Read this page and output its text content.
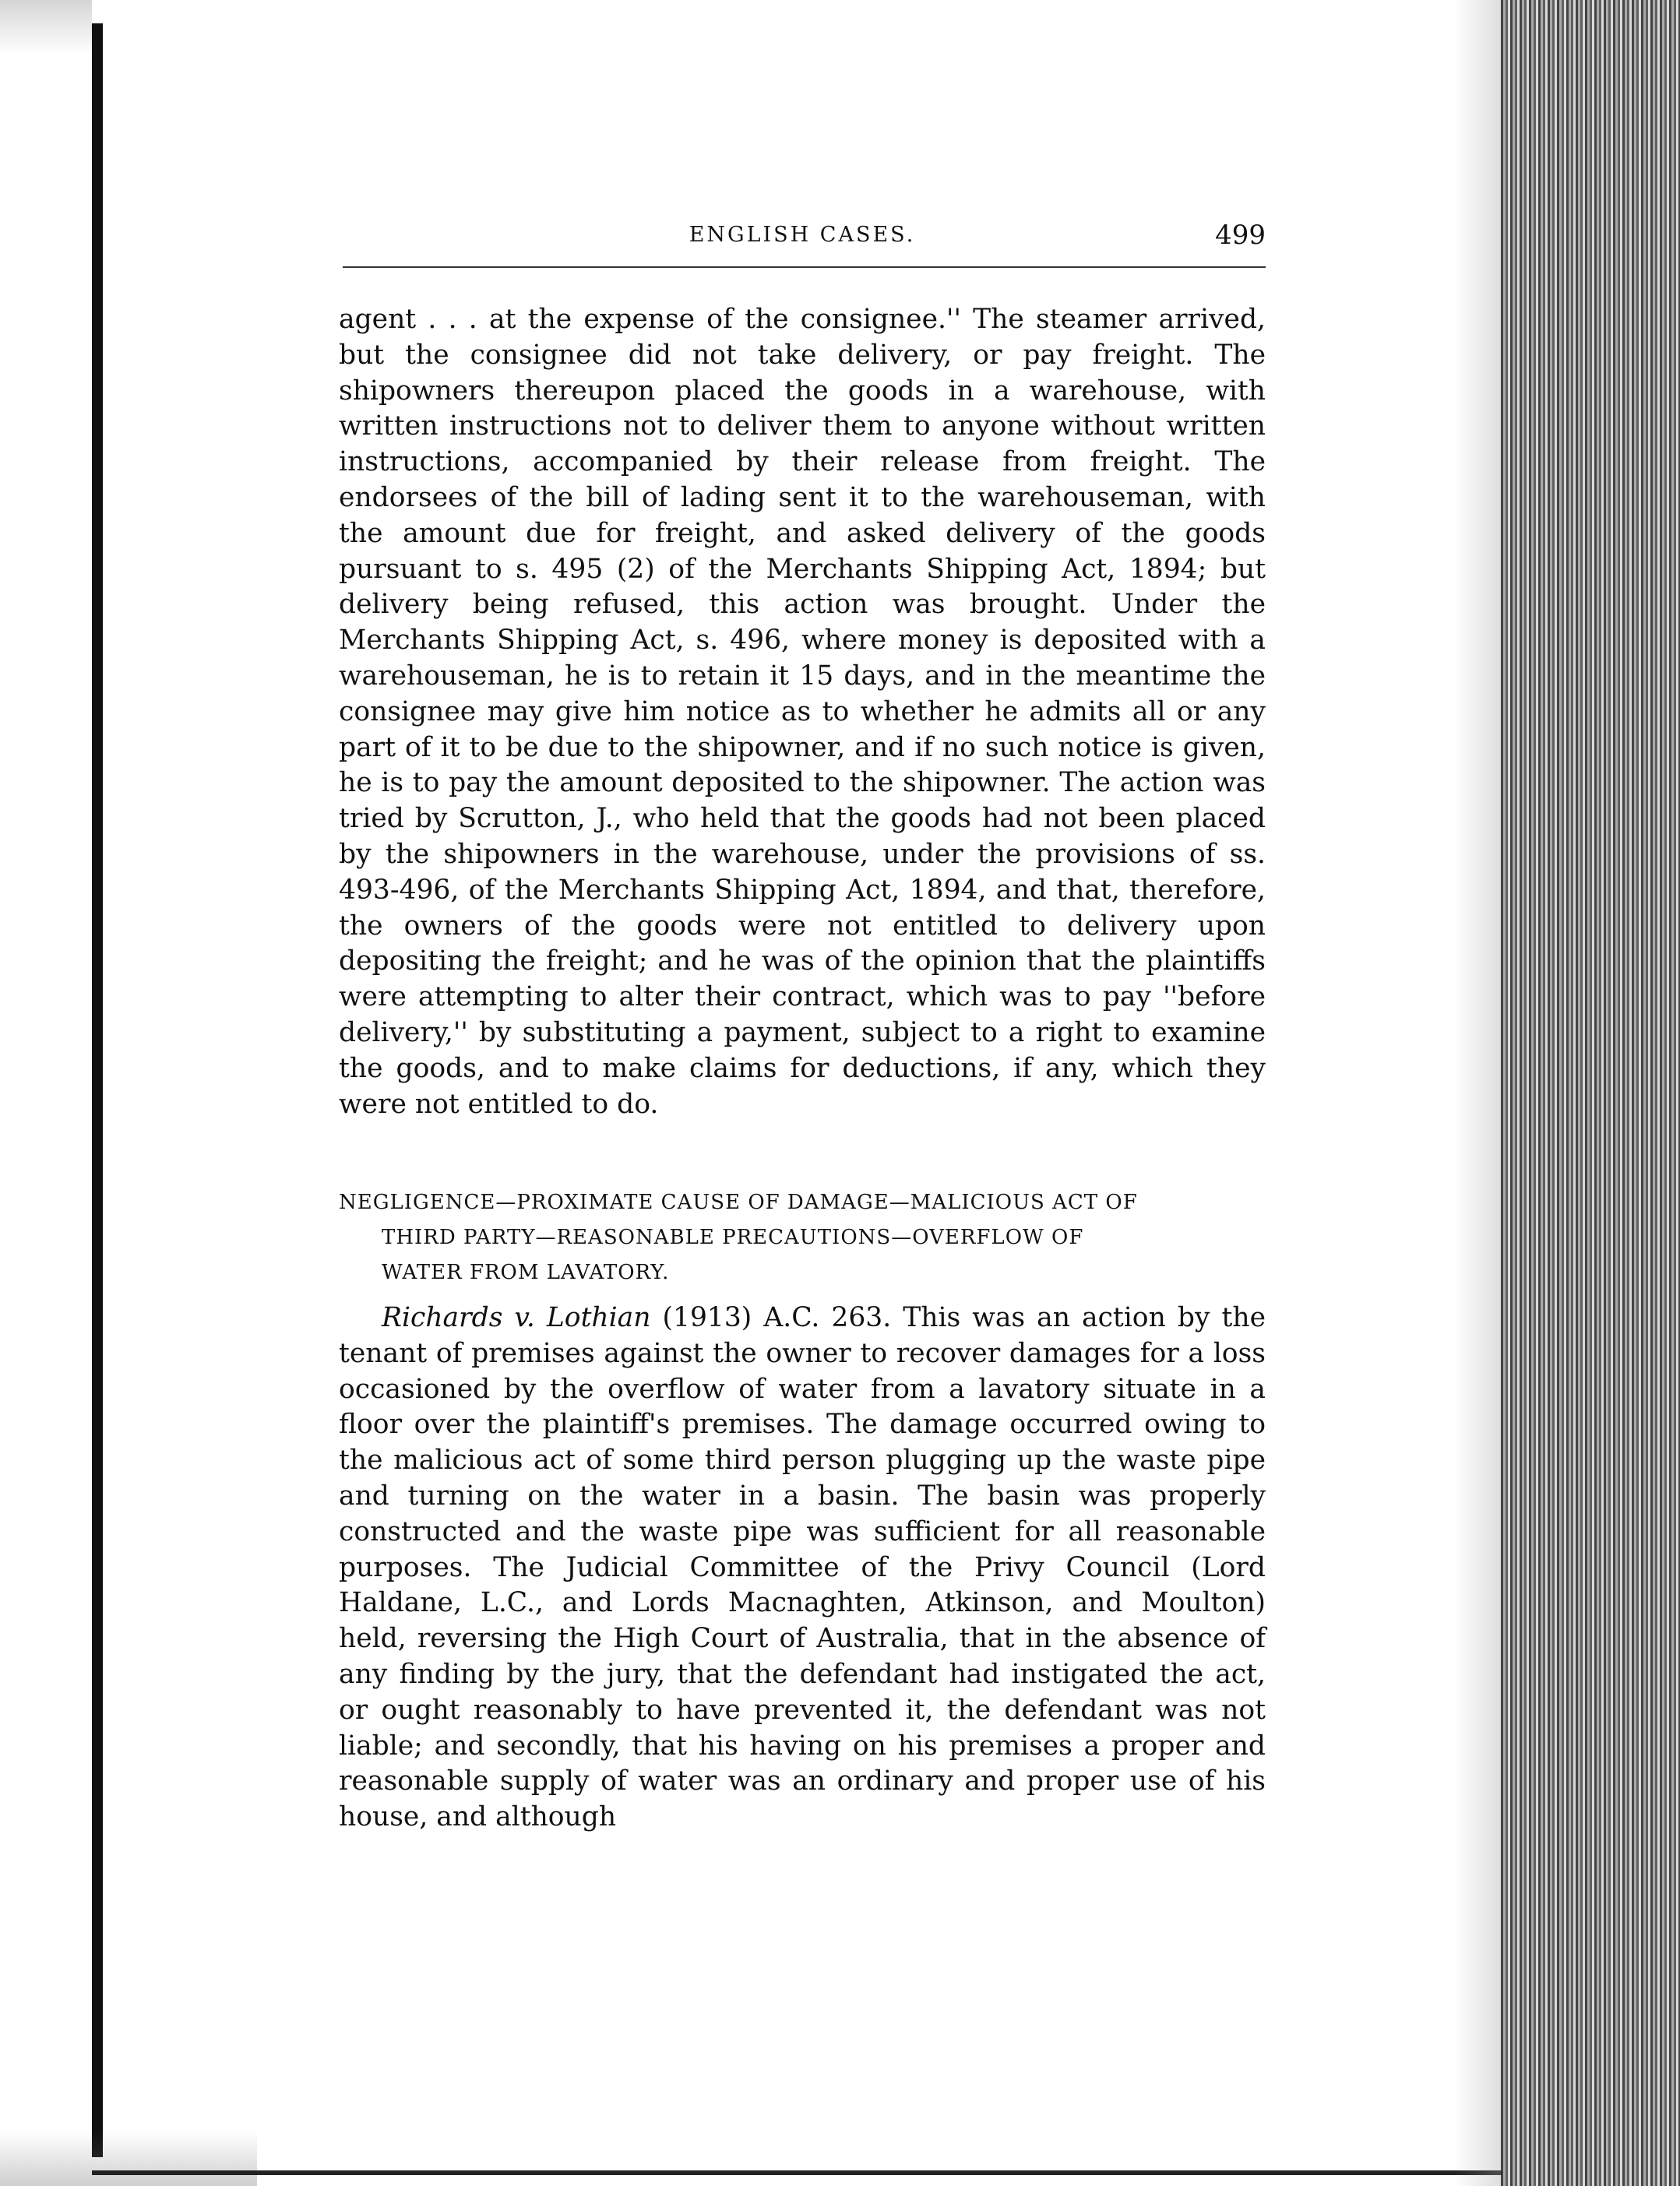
ENGLISH CASES.	499

agent . . . at the expense of the consignee.'' The steamer arrived, but the consignee did not take delivery, or pay freight. The shipowners thereupon placed the goods in a warehouse, with written instructions not to deliver them to anyone without written instructions, accompanied by their release from freight. The endorsees of the bill of lading sent it to the warehouseman, with the amount due for freight, and asked delivery of the goods pursuant to s. 495 (2) of the Merchants Shipping Act, 1894; but delivery being refused, this action was brought. Under the Merchants Shipping Act, s. 496, where money is deposited with a warehouseman, he is to retain it 15 days, and in the meantime the consignee may give him notice as to whether he admits all or any part of it to be due to the shipowner, and if no such notice is given, he is to pay the amount deposited to the shipowner. The action was tried by Scrutton, J., who held that the goods had not been placed by the shipowners in the warehouse, under the provisions of ss. 493-496, of the Merchants Shipping Act, 1894, and that, therefore, the owners of the goods were not entitled to delivery upon depositing the freight; and he was of the opinion that the plaintiffs were attempting to alter their contract, which was to pay ''before delivery,'' by substituting a payment, subject to a right to examine the goods, and to make claims for deductions, if any, which they were not entitled to do.

NEGLIGENCE—PROXIMATE CAUSE OF DAMAGE—MALICIOUS ACT OF
THIRD PARTY—REASONABLE PRECAUTIONS—OVERFLOW OF
WATER FROM LAVATORY.

Richards v. Lothian (1913) A.C. 263. This was an action by the tenant of premises against the owner to recover damages for a loss occasioned by the overflow of water from a lavatory situate in a floor over the plaintiff's premises. The damage occurred owing to the malicious act of some third person plugging up the waste pipe and turning on the water in a basin. The basin was properly constructed and the waste pipe was sufficient for all reasonable purposes. The Judicial Committee of the Privy Council (Lord Haldane, L.C., and Lords Macnaghten, Atkinson, and Moulton) held, reversing the High Court of Australia, that in the absence of any finding by the jury, that the defendant had instigated the act, or ought reasonably to have prevented it, the defendant was not liable; and secondly, that his having on his premises a proper and reasonable supply of water was an ordinary and proper use of his house, and although
